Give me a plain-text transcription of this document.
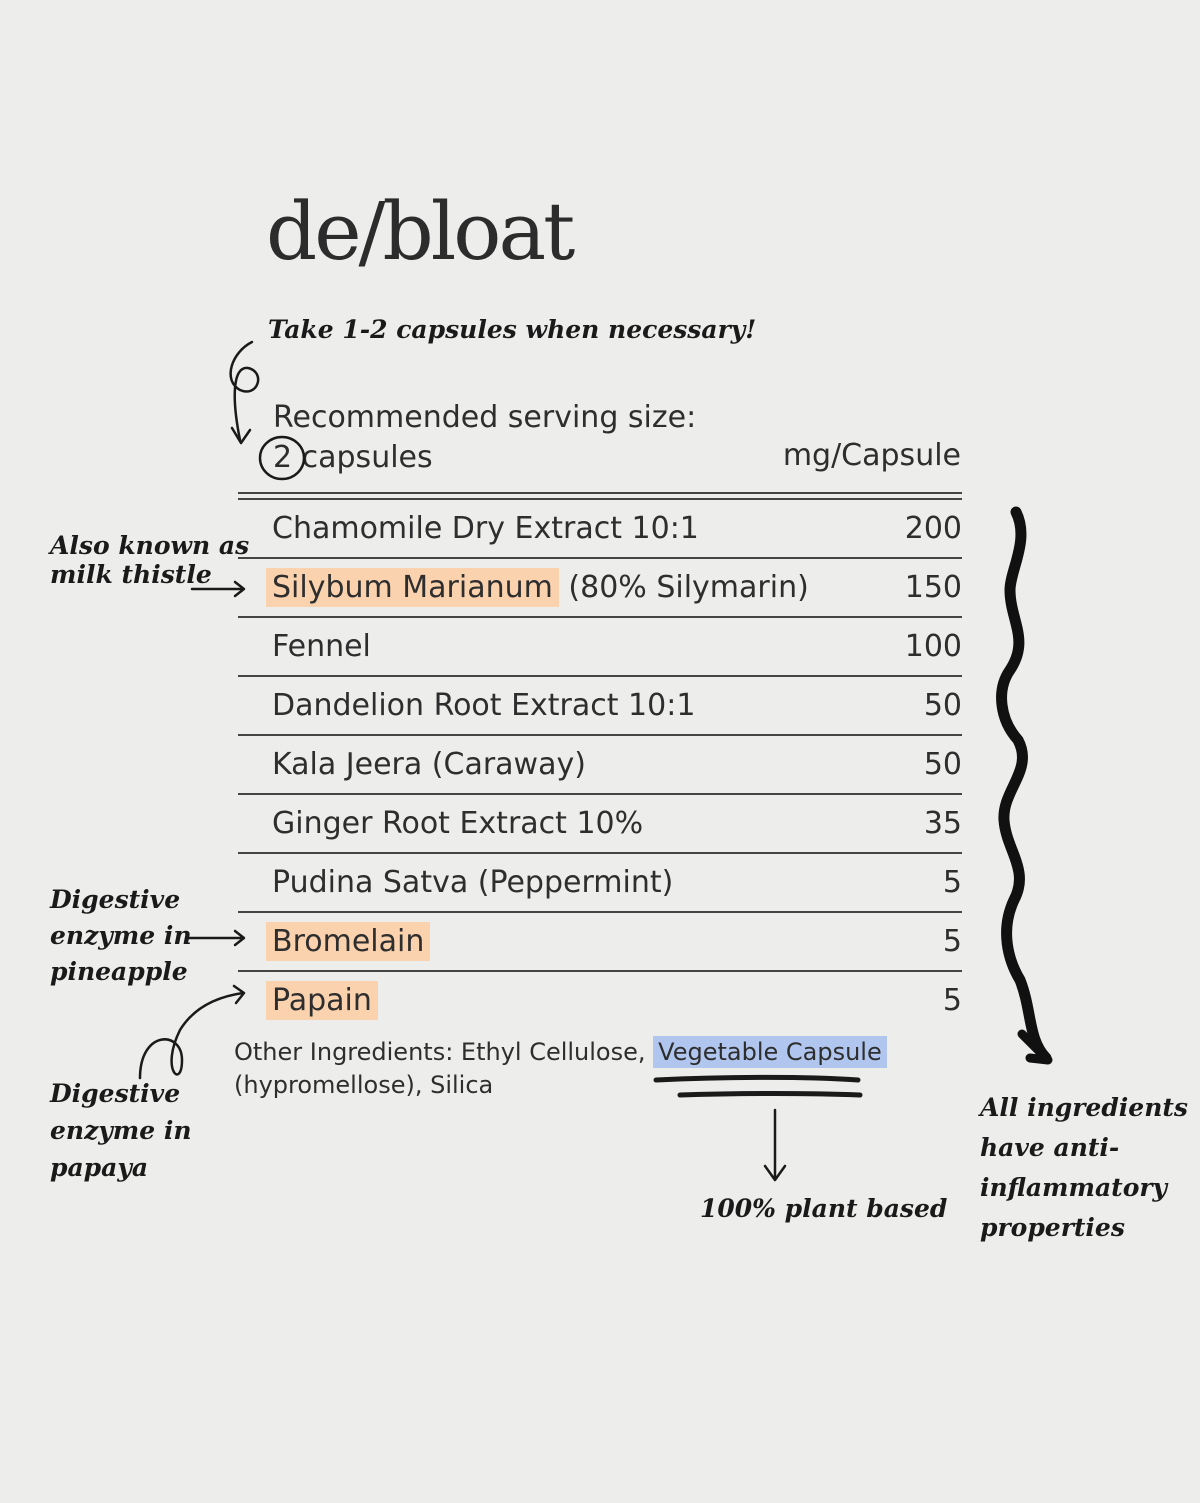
de/bloat
Take 1-2 capsules when necessary!
Recommended serving size:
2 capsules	mg/Capsule
Chamomile Dry Extract 10:1	200
Silybum Marianum (80% Silymarin)	150
Fennel	100
Dandelion Root Extract 10:1	50
Kala Jeera (Caraway)	50
Ginger Root Extract 10%	35
Pudina Satva (Peppermint)	5
Bromelain	5
Papain	5
Other Ingredients: Ethyl Cellulose, Vegetable Capsule
(hypromellose), Silica
Also known as
milk thistle
Digestive
enzyme in
pineapple
Digestive
enzyme in
papaya
100% plant based
All ingredients
have anti-
inflammatory
properties
